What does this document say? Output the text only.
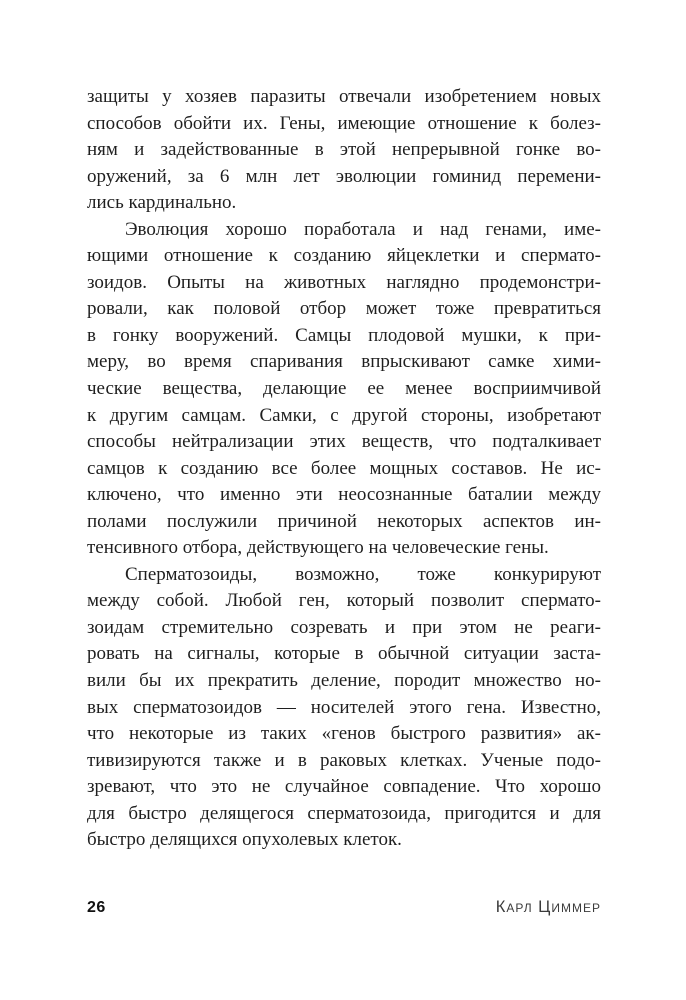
защиты у хозяев паразиты отвечали изобретением новых
способов обойти их. Гены, имеющие отношение к болез-
ням и задействованные в этой непрерывной гонке во-
оружений, за 6 млн лет эволюции гоминид перемени-
лись кардинально.

Эволюция хорошо поработала и над генами, име-
ющими отношение к созданию яйцеклетки и спермато-
зоидов. Опыты на животных наглядно продемонстри-
ровали, как половой отбор может тоже превратиться
в гонку вооружений. Самцы плодовой мушки, к при-
меру, во время спаривания впрыскивают самке хими-
ческие вещества, делающие ее менее восприимчивой
к другим самцам. Самки, с другой стороны, изобретают
способы нейтрализации этих веществ, что подталкивает
самцов к созданию все более мощных составов. Не ис-
ключено, что именно эти неосознанные баталии между
полами послужили причиной некоторых аспектов ин-
тенсивного отбора, действующего на человеческие гены.

Сперматозоиды, возможно, тоже конкурируют
между собой. Любой ген, который позволит спермато-
зоидам стремительно созревать и при этом не реаги-
ровать на сигналы, которые в обычной ситуации заста-
вили бы их прекратить деление, породит множество но-
вых сперматозоидов — носителей этого гена. Известно,
что некоторые из таких «генов быстрого развития» ак-
тивизируются также и в раковых клетках. Ученые подо-
зревают, что это не случайное совпадение. Что хорошо
для быстро делящегося сперматозоида, пригодится и для
быстро делящихся опухолевых клеток.

26	Карл Циммер
